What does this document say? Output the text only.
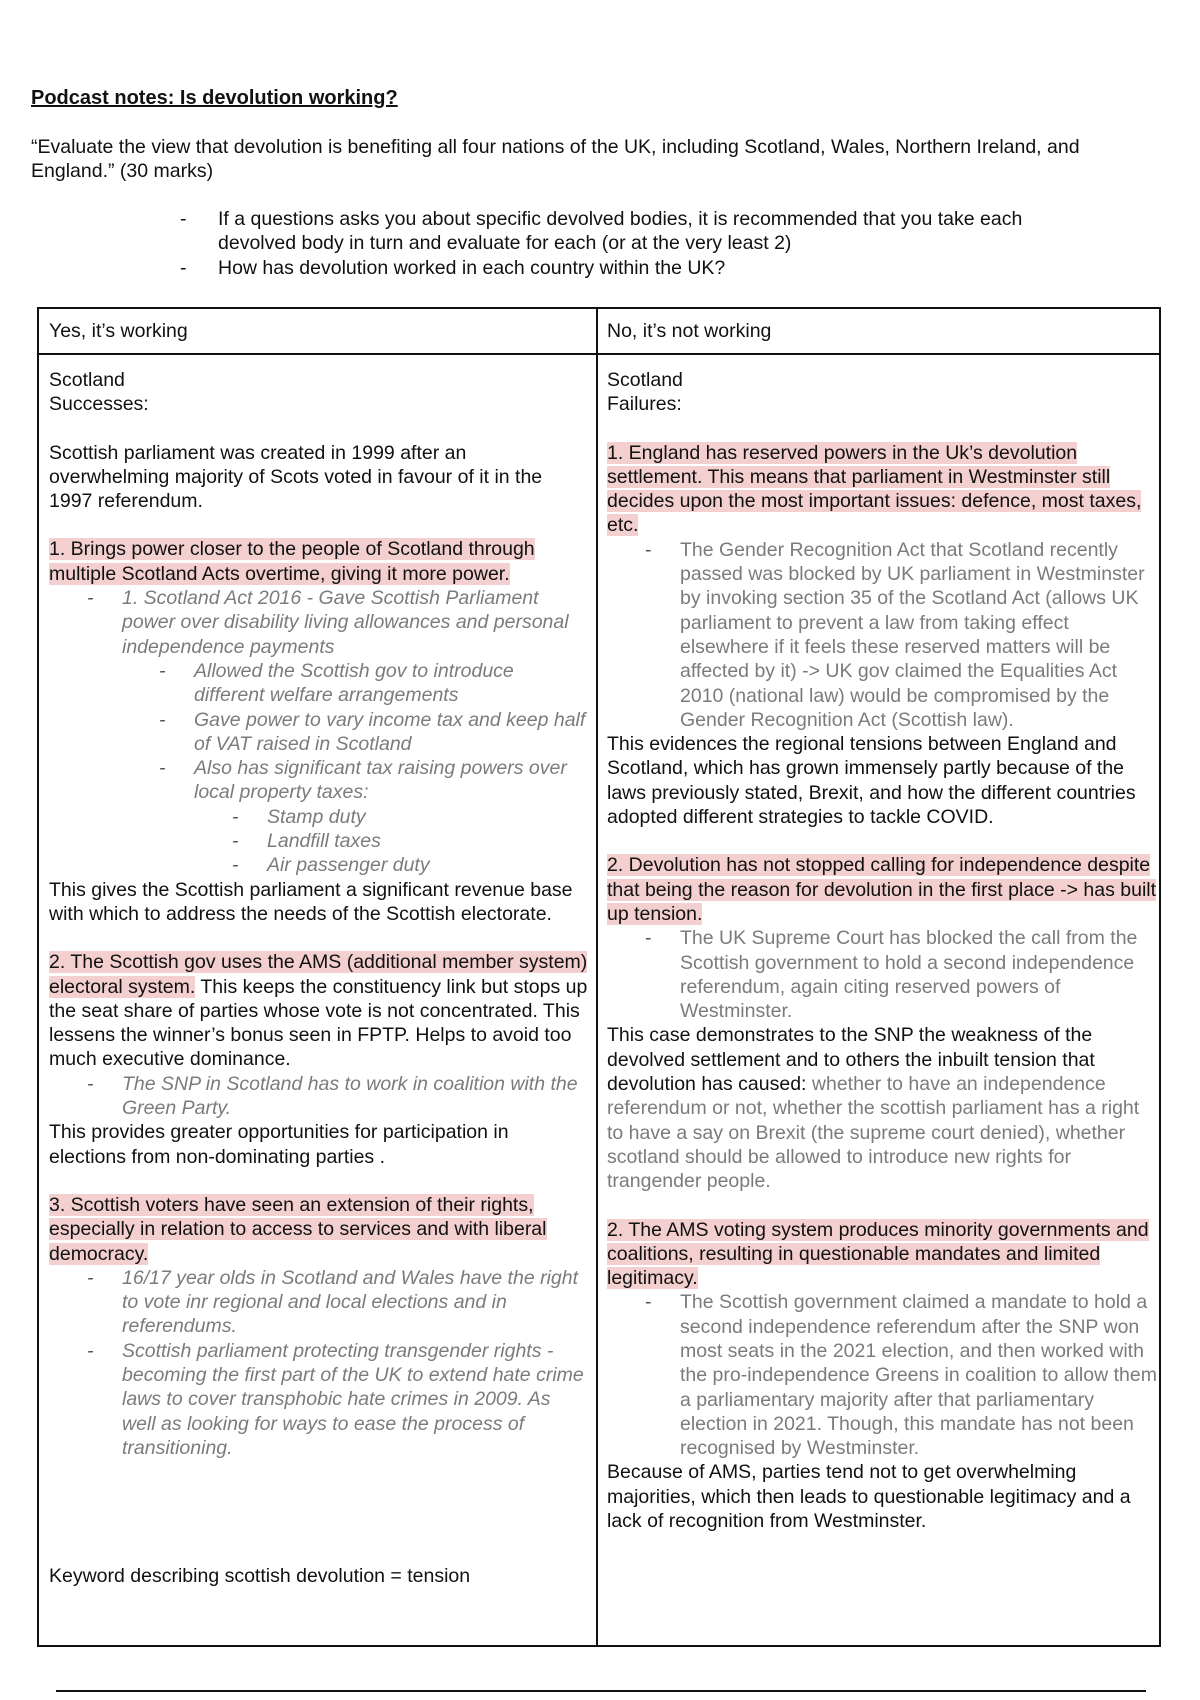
Podcast notes: Is devolution working?
“Evaluate the view that devolution is benefiting all four nations of the UK, including Scotland, Wales, Northern Ireland, and England.” (30 marks)
- If a questions asks you about specific devolved bodies, it is recommended that you take each devolved body in turn and evaluate for each (or at the very least 2)
- How has devolution worked in each country within the UK?
Yes, it’s working	No, it’s not working

Scotland

Successes:

Scottish parliament was created in 1999 after an overwhelming majority of Scots voted in favour of it in the 1997 referendum.

1. Brings power closer to the people of Scotland through multiple Scotland Acts overtime, giving it more power.

- 1. Scotland Act 2016 - Gave Scottish Parliament power over disability living allowances and personal independence payments
- Allowed the Scottish gov to introduce different welfare arrangements
- Gave power to vary income tax and keep half of VAT raised in Scotland
- Also has significant tax raising powers over local property taxes:
- Stamp duty
- Landfill taxes
- Air passenger duty

This gives the Scottish parliament a significant revenue base with which to address the needs of the Scottish electorate.

2. The Scottish gov uses the AMS (additional member system) electoral system. This keeps the constituency link but stops up the seat share of parties whose vote is not concentrated. This lessens the winner’s bonus seen in FPTP. Helps to avoid too much executive dominance.

- The SNP in Scotland has to work in coalition with the Green Party.

This provides greater opportunities for participation in elections from non-dominating parties .

3. Scottish voters have seen an extension of their rights, especially in relation to access to services and with liberal democracy.

- 16/17 year olds in Scotland and Wales have the right to vote inr regional and local elections and in referendums.
- Scottish parliament protecting transgender rights - becoming the first part of the UK to extend hate crime laws to cover transphobic hate crimes in 2009. As well as looking for ways to ease the process of transitioning.
Keyword describing scottish devolution = tension

Scotland

Failures:

1. England has reserved powers in the Uk’s devolution settlement. This means that parliament in Westminster still decides upon the most important issues: defence, most taxes, etc.

- The Gender Recognition Act that Scotland recently passed was blocked by UK parliament in Westminster by invoking section 35 of the Scotland Act (allows UK parliament to prevent a law from taking effect elsewhere if it feels these reserved matters will be affected by it) -> UK gov claimed the Equalities Act 2010 (national law) would be compromised by the Gender Recognition Act (Scottish law).

This evidences the regional tensions between England and Scotland, which has grown immensely partly because of the laws previously stated, Brexit, and how the different countries adopted different strategies to tackle COVID.

2. Devolution has not stopped calling for independence despite that being the reason for devolution in the first place -> has built up tension.

- The UK Supreme Court has blocked the call from the Scottish government to hold a second independence referendum, again citing reserved powers of Westminster.

This case demonstrates to the SNP the weakness of the devolved settlement and to others the inbuilt tension that devolution has caused: whether to have an independence referendum or not, whether the scottish parliament has a right to have a say on Brexit (the supreme court denied), whether scotland should be allowed to introduce new rights for trangender people.

2. The AMS voting system produces minority governments and coalitions, resulting in questionable mandates and limited legitimacy.

- The Scottish government claimed a mandate to hold a second independence referendum after the SNP won most seats in the 2021 election, and then worked with the pro-independence Greens in coalition to allow them a parliamentary majority after that parliamentary election in 2021. Though, this mandate has not been recognised by Westminster.

Because of AMS, parties tend not to get overwhelming majorities, which then leads to questionable legitimacy and a lack of recognition from Westminster.
